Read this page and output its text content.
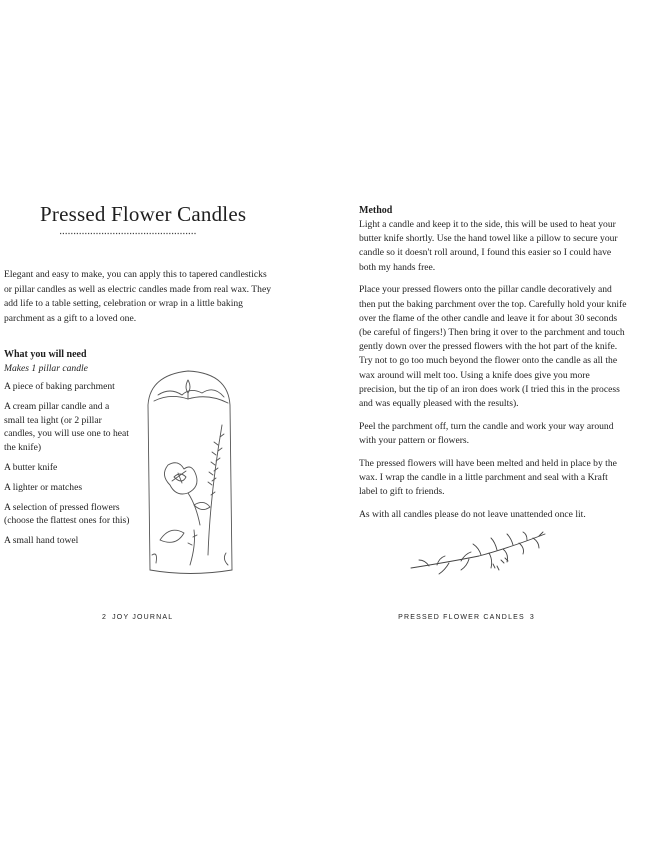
Pressed Flower Candles

Elegant and easy to make, you can apply this to tapered candlesticks or pillar candles as well as electric candles made from real wax. They add life to a table setting, celebration or wrap in a little baking parchment as a gift to a loved one.

What you will need

Makes 1 pillar candle

A piece of baking parchment
A cream pillar candle and a small tea light (or 2 pillar candles, you will use one to heat the knife)
A butter knife
A lighter or matches
A selection of pressed flowers (choose the flattest ones for this)
A small hand towel

2 JOY JOURNAL

Method

Light a candle and keep it to the side, this will be used to heat your butter knife shortly. Use the hand towel like a pillow to secure your candle so it doesn't roll around, I found this easier so I could have both my hands free.

Place your pressed flowers onto the pillar candle decoratively and then put the baking parchment over the top. Carefully hold your knife over the flame of the other candle and leave it for about 30 seconds (be careful of fingers!) Then bring it over to the parchment and touch gently down over the pressed flowers with the hot part of the knife. Try not to go too much beyond the flower onto the candle as all the wax around will melt too. Using a knife does give you more precision, but the tip of an iron does work (I tried this in the process and was equally pleased with the results).

Peel the parchment off, turn the candle and work your way around with your pattern or flowers.

The pressed flowers will have been melted and held in place by the wax. I wrap the candle in a little parchment and seal with a Kraft label to gift to friends.

As with all candles please do not leave unattended once lit.

PRESSED FLOWER CANDLES 3
